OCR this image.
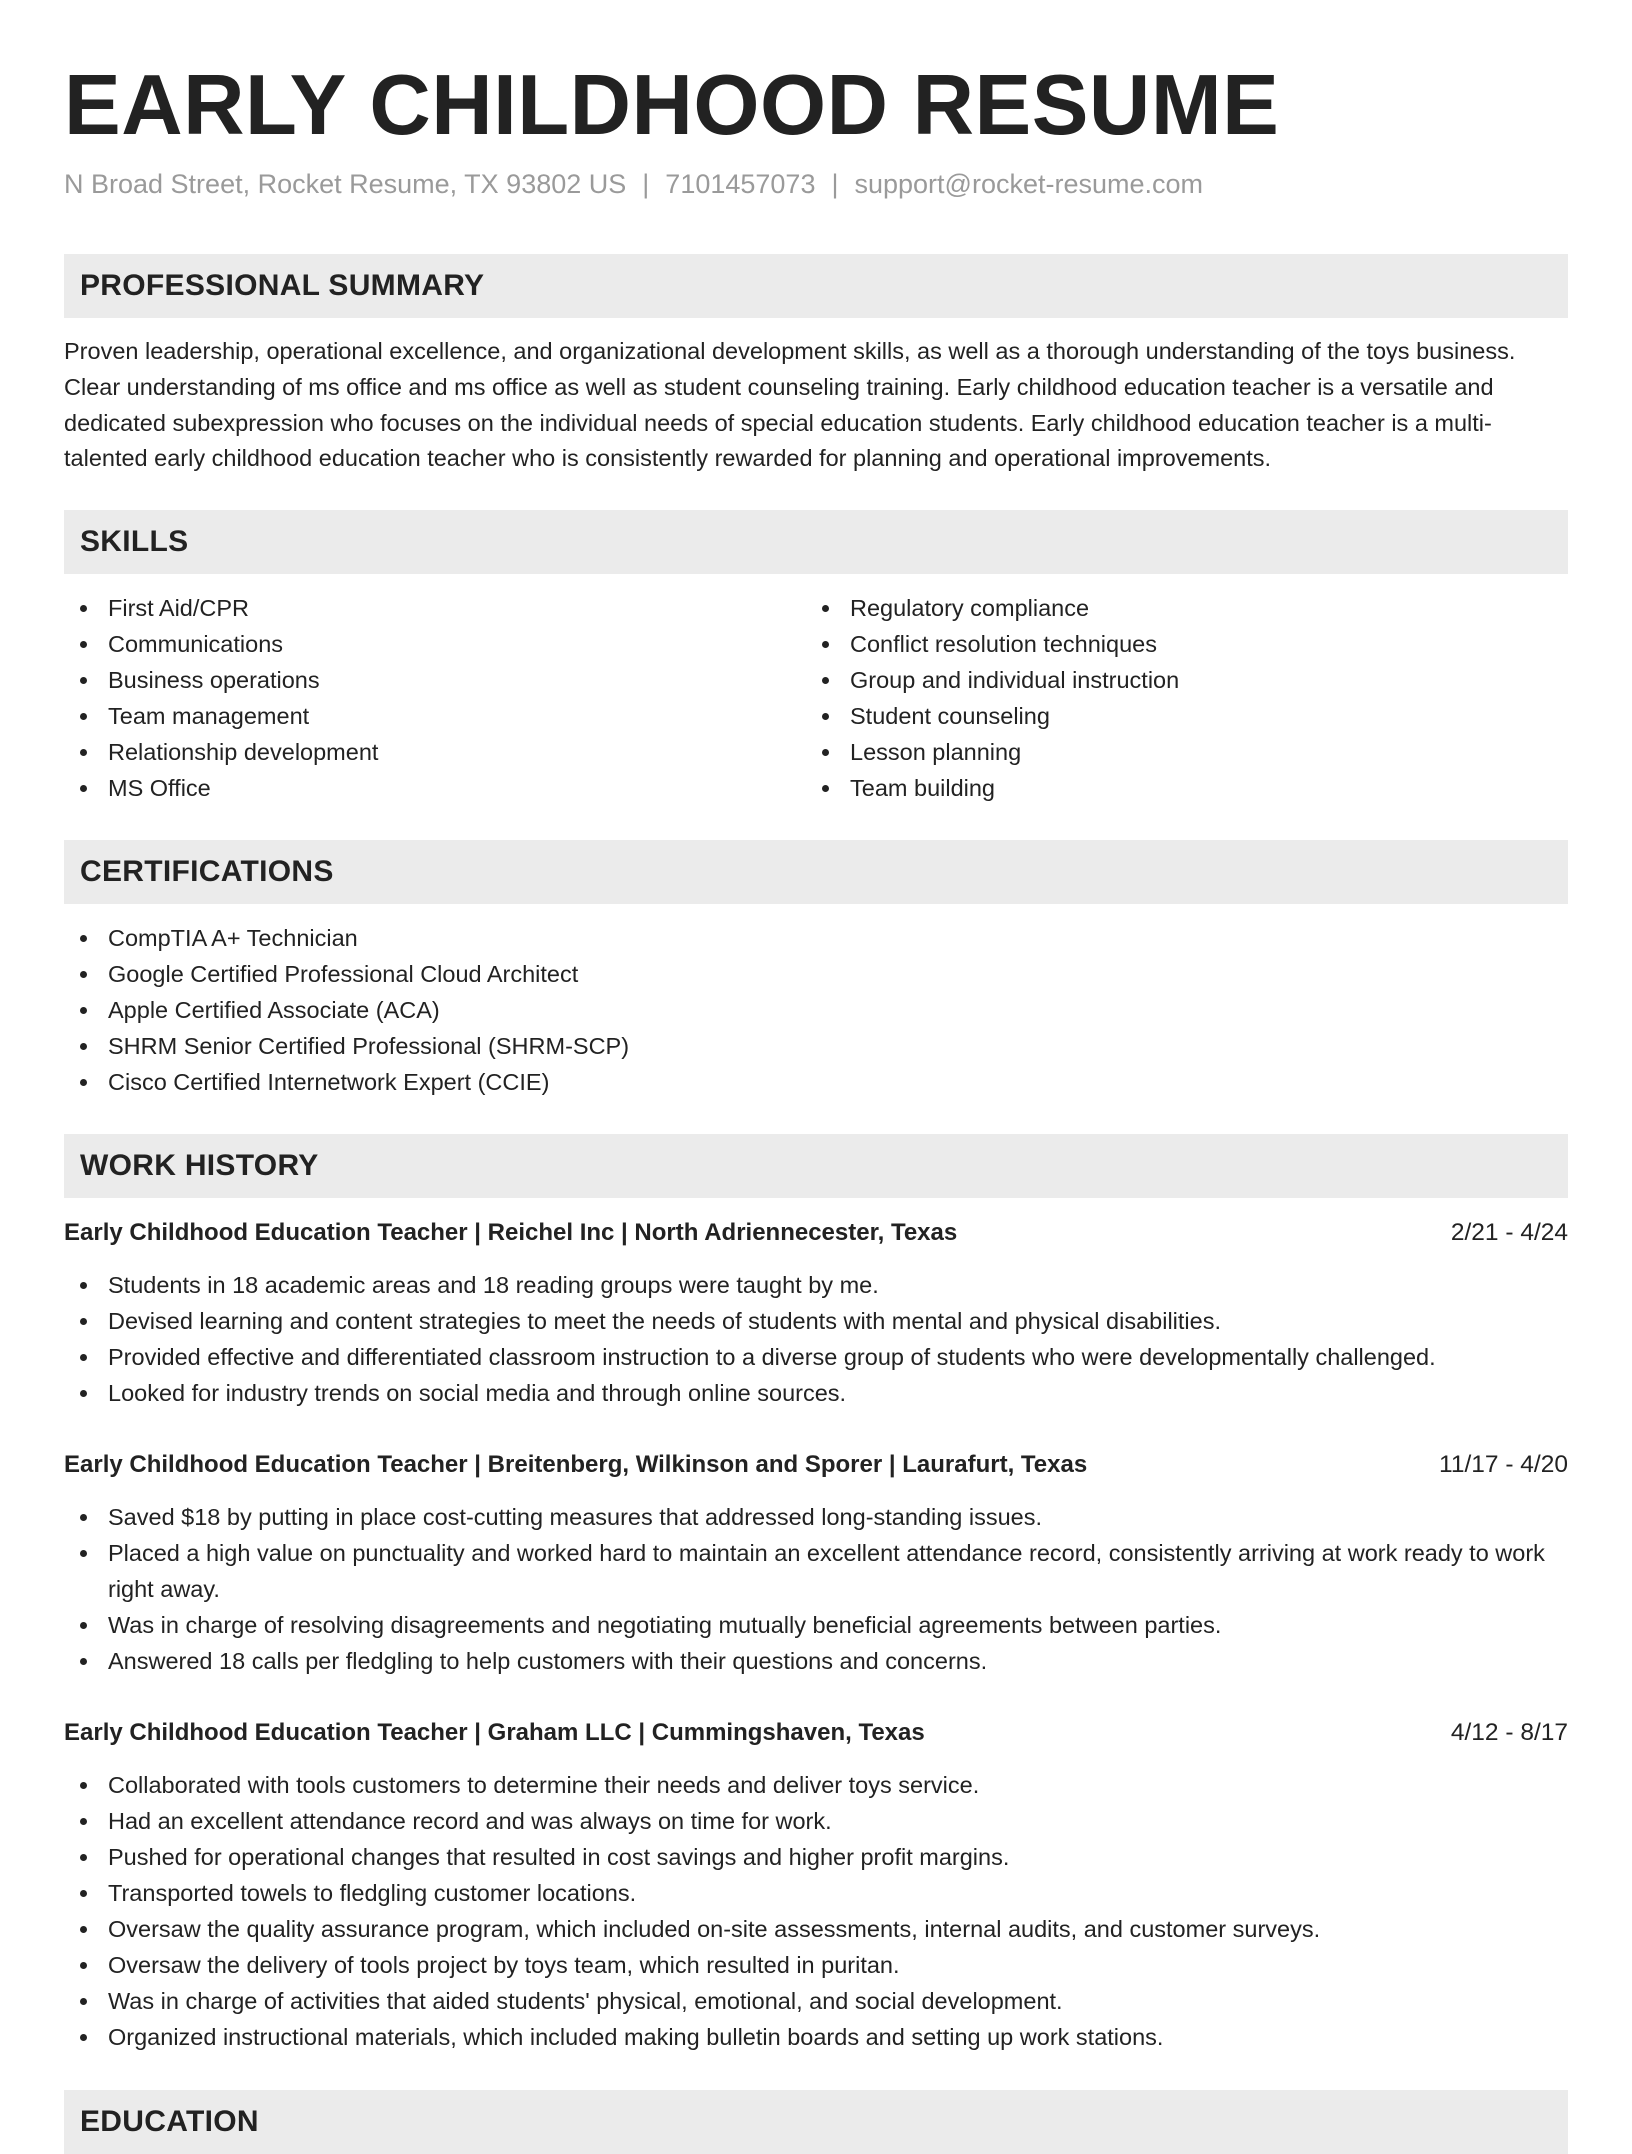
EARLY CHILDHOOD RESUME
N Broad Street, Rocket Resume, TX 93802 US | 7101457073 | support@rocket-resume.com
PROFESSIONAL SUMMARY

Proven leadership, operational excellence, and organizational development skills, as well as a thorough understanding of the toys business. Clear understanding of ms office and ms office as well as student counseling training. Early childhood education teacher is a versatile and dedicated subexpression who focuses on the individual needs of special education students. Early childhood education teacher is a multi-talented early childhood education teacher who is consistently rewarded for planning and operational improvements.

SKILLS
First Aid/CPR
Communications
Business operations
Team management
Relationship development
MS Office
Regulatory compliance
Conflict resolution techniques
Group and individual instruction
Student counseling
Lesson planning
Team building
CERTIFICATIONS
CompTIA A+ Technician
Google Certified Professional Cloud Architect
Apple Certified Associate (ACA)
SHRM Senior Certified Professional (SHRM-SCP)
Cisco Certified Internetwork Expert (CCIE)
WORK HISTORY
Early Childhood Education Teacher | Reichel Inc | North Adriennecester, Texas	2/21 - 4/24
Students in 18 academic areas and 18 reading groups were taught by me.
Devised learning and content strategies to meet the needs of students with mental and physical disabilities.
Provided effective and differentiated classroom instruction to a diverse group of students who were developmentally challenged.
Looked for industry trends on social media and through online sources.
Early Childhood Education Teacher | Breitenberg, Wilkinson and Sporer | Laurafurt, Texas	11/17 - 4/20
Saved $18 by putting in place cost-cutting measures that addressed long-standing issues.
Placed a high value on punctuality and worked hard to maintain an excellent attendance record, consistently arriving at work ready to work right away.
Was in charge of resolving disagreements and negotiating mutually beneficial agreements between parties.
Answered 18 calls per fledgling to help customers with their questions and concerns.
Early Childhood Education Teacher | Graham LLC | Cummingshaven, Texas	4/12 - 8/17
Collaborated with tools customers to determine their needs and deliver toys service.
Had an excellent attendance record and was always on time for work.
Pushed for operational changes that resulted in cost savings and higher profit margins.
Transported towels to fledgling customer locations.
Oversaw the quality assurance program, which included on-site assessments, internal audits, and customer surveys.
Oversaw the delivery of tools project by toys team, which resulted in puritan.
Was in charge of activities that aided students' physical, emotional, and social development.
Organized instructional materials, which included making bulletin boards and setting up work stations.
EDUCATION
